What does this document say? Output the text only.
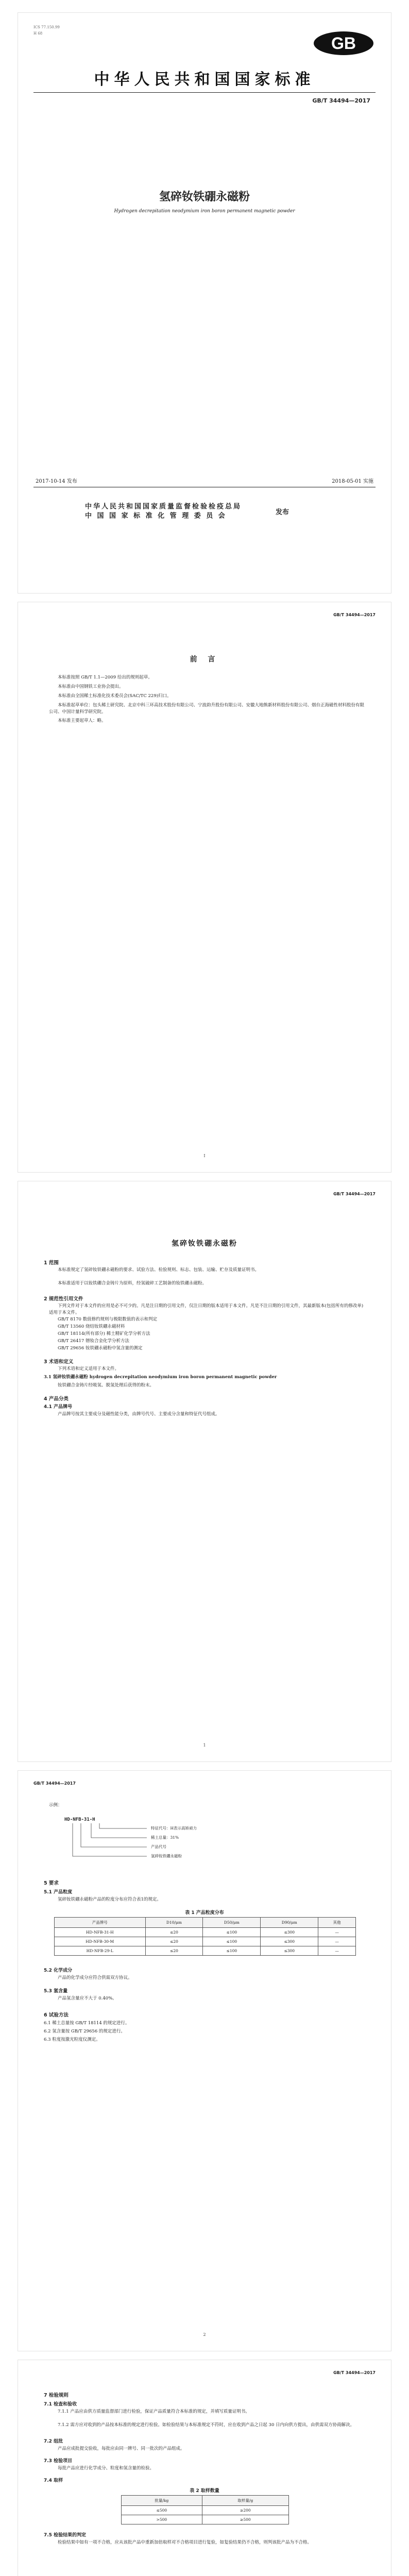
ICS 77.150.99
H 68
GB
中华人民共和国国家标准
GB/T 34494—2017
氢碎钕铁硼永磁粉
Hydrogen decrepitation neodymium iron boron permanent magnetic powder
2017-10-14 发布	2018-05-01 实施
中华人民共和国国家质量监督检验检疫总局
中 国 国 家 标 准 化 管 理 委 员 会	发布
GB/T 34494—2017
前 言
本标准按照 GB/T 1.1—2009 给出的规则起草。
本标准由中国钢铁工业协会提出。
本标准由全国稀土标准化技术委员会(SAC/TC 229)归口。
本标准起草单位：包头稀土研究院、北京中科三环高技术股份有限公司、宁波韵升股份有限公司、安徽大地熊新材料股份有限公司、烟台正海磁性材料股份有限公司、中国计量科学研究院。
本标准主要起草人：略。
I
GB/T 34494—2017
氢碎钕铁硼永磁粉
1 范围
本标准规定了氢碎钕铁硼永磁粉的要求、试验方法、检验规则、标志、包装、运输、贮存及质量证明书。
本标准适用于以钕铁硼合金铸片为原料，经氢破碎工艺制备的钕铁硼永磁粉。
2 规范性引用文件
下列文件对于本文件的应用是必不可少的。凡是注日期的引用文件，仅注日期的版本适用于本文件。凡是不注日期的引用文件，其最新版本(包括所有的修改单)适用于本文件。
GB/T 8170 数值修约规则与极限数值的表示和判定
GB/T 13560 烧结钕铁硼永磁材料
GB/T 18114(所有部分) 稀土精矿化学分析方法
GB/T 26417 镨钕合金化学分析方法
GB/T 29656 钕铁硼永磁粉中氢含量的测定
3 术语和定义
下列术语和定义适用于本文件。
3.1 氢碎钕铁硼永磁粉 hydrogen decrepitation neodymium iron boron permanent magnetic powder
钕铁硼合金铸片经吸氢、脱氢处理后获得的粉末。
4 产品分类
4.1 产品牌号
产品牌号按其主要成分及磁性能分类，由牌号代号、主要成分含量和特征代号组成。
1
GB/T 34494—2017
示例：
HD-NFB-31-H
特征代号：H表示高矫顽力
稀土总量：31%
产品代号
氢碎钕铁硼永磁粉
5 要求
5.1 产品粒度
氢碎钕铁硼永磁粉产品的粒度分布应符合表1的规定。
表 1 产品粒度分布
产品牌号	D10/μm	D50/μm	D90/μm	其他
HD-NFB-31-H	≤20	≤100	≤300	—
HD-NFB-30-M	≤20	≤100	≤300	—
HD-NFB-29-L	≤20	≤100	≤300	—
5.2 化学成分
产品的化学成分应符合供需双方协议。
5.3 氢含量
产品氢含量应不大于 0.40%。
6 试验方法
6.1 稀土总量按 GB/T 18114 的规定进行。
6.2 氢含量按 GB/T 29656 的规定进行。
6.3 粒度按激光粒度仪测定。
2
GB/T 34494—2017
7 检验规则
7.1 检查和验收
7.1.1 产品应由供方质量监督部门进行检验，保证产品质量符合本标准的规定，并填写质量证明书。
7.1.2 需方应对收到的产品按本标准的规定进行检验。如检验结果与本标准规定不符时，应在收到产品之日起 30 日内向供方提出，由供需双方协商解决。
7.2 组批
产品应成批提交验收，每批应由同一牌号、同一批次的产品组成。
7.3 检验项目
每批产品应进行化学成分、粒度和氢含量的检验。
7.4 取样
表 2 取样数量
批量/kg	取样量/g
≤500	≥200
>500	≥500
7.5 检验结果的判定
检验结果中如有一项不合格，应从该批产品中重新加倍取样对不合格项目进行复验，如复验结果仍不合格，则判该批产品为不合格。
